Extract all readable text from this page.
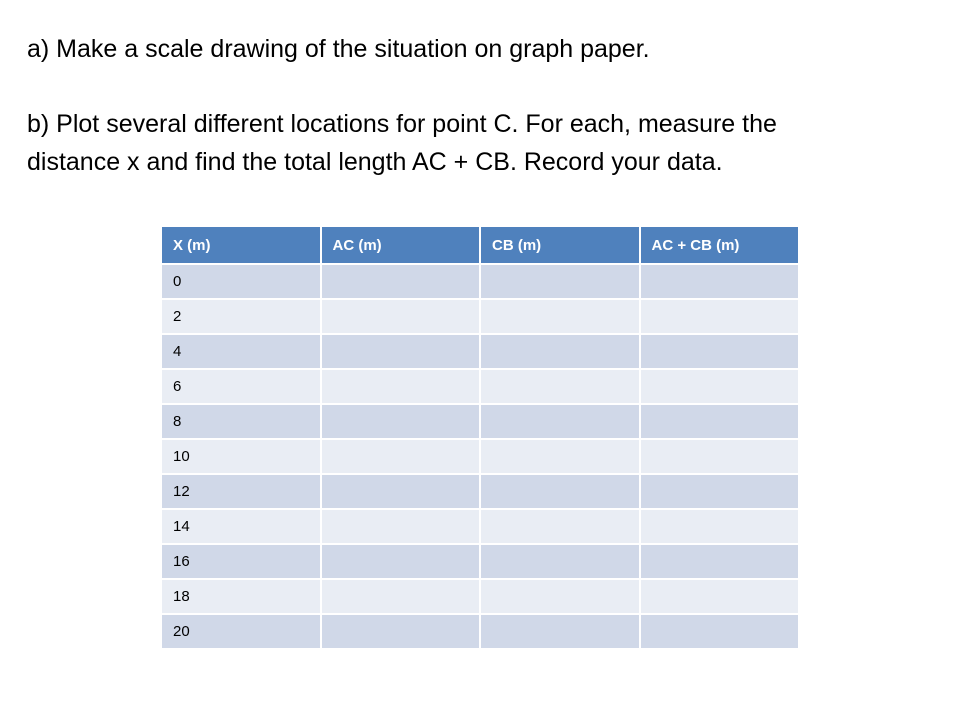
a) Make a scale drawing of the situation on graph paper.

b) Plot several different locations for point C. For each, measure the

distance x and find the total length AC + CB. Record your data.

X (m)	AC (m)	CB (m)	AC + CB (m)
0			
2			
4			
6			
8			
10			
12			
14			
16			
18			
20			
